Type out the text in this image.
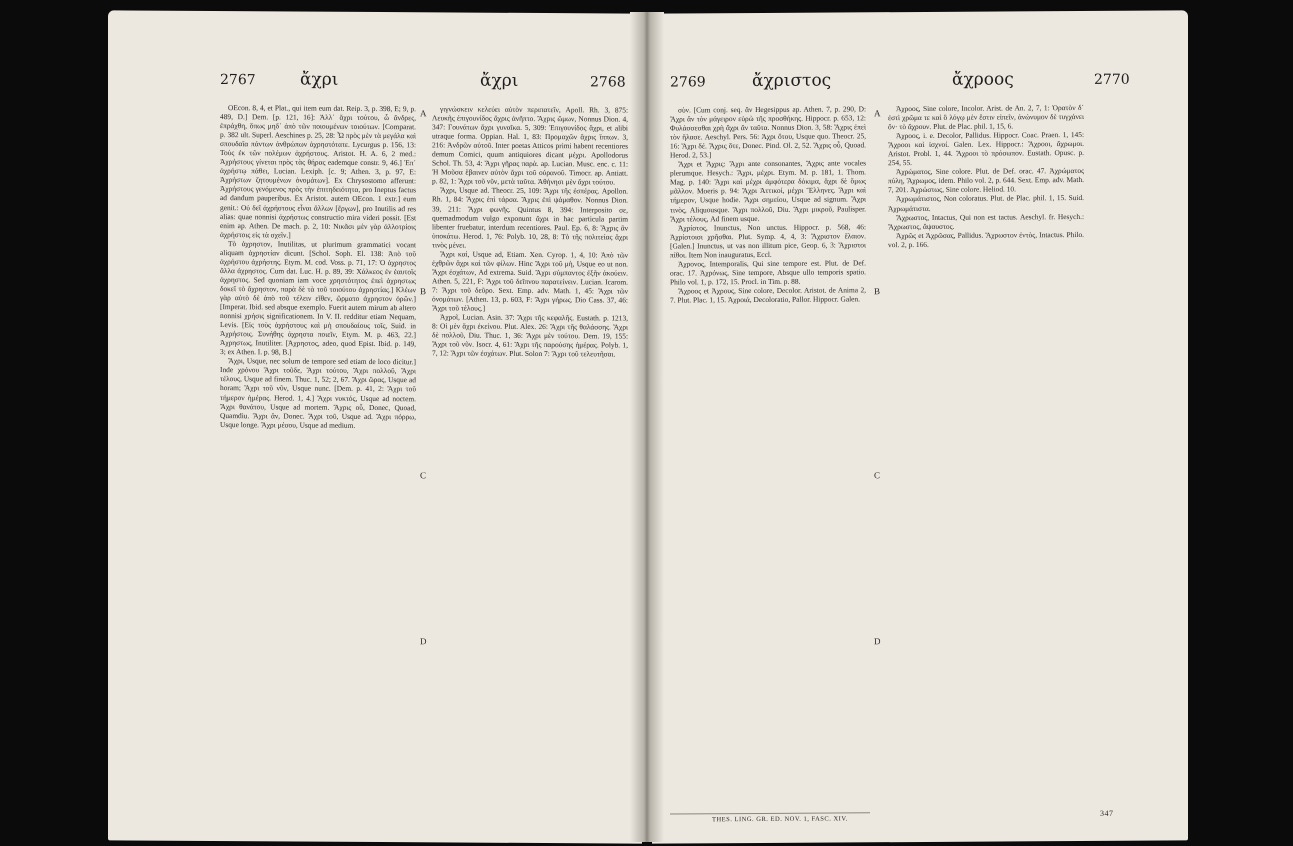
2767	ἄχρι	ἄχρι	2768
OEcon. 8, 4, et Plat., qui item eum dat. Reip. 3, p. 398, E; 9, p. 489, D.] Dem. [p. 121, 16]: Ἀλλ᾽ ἄχρι τούτου, ὦ ἄνδρες, ἐπράχθη, ὅπως μηδ᾽ ἀπὸ τῶν ποιουμένων τοιούτων. [Comparat. p. 382 ult. Superl. Aeschines p. 25, 28: Ὦ πρὸς μὲν τὰ μεγάλα καὶ σπουδαῖα πάντων ἀνθρώπων ἀχρηστότατε. Lycurgus p. 156, 13: Τοὺς ἐκ τῶν πολέμων ἀχρήστους. Aristot. H. A. 6, 2 med.: Ἀχρήστους γίνεται πρὸς τὰς θήρας eademque constr. 9, 46.] Ἐπ᾽ ἀχρήστῳ πάθει, Lucian. Lexiph. [c. 9; Athen. 3, p. 97, E: Ἀχρήστων ζητουμένων ὀνομάτων]. Ex Chrysostomo afferunt: Ἀχρήστους γενόμενος πρὸς τὴν ἐπιτηδειότητα, pro Ineptus factus ad dandum pauperibus. Ex Aristot. autem OEcon. 1 extr.] eum genit.: Οὐ δεῖ ἀχρήστους εἶναι ἄλλων [ἔργων], pro Inutilis ad res alias: quae nonnisi ἀχρήστως constructio mira videri possit. [Est enim ap. Athen. De mach. p. 2, 10: Νικᾶσι μὲν γὰρ ἀλλοτρίοις ἀχρήστοις εἰς τὰ σχεῖν.]
Τὸ ἀχρηστον, Inutilitas, ut plurimum grammatici vocant aliquam ἀχρηστίαν dicunt. [Schol. Soph. El. 138: Ἀπὸ τοῦ ἀχρήστου ἀχρήστης. Etym. M. cod. Voss. p. 71, 17: Ὁ ἀχρηστος ἄλλα ἀχρηστος. Cum dat. Luc. H. p. 89, 39: Χάλκεος ἐν ἑαυτοῖς ἀχρηστος. Sed quoniam iam voce χρηστότητος ἐπεὶ ἀχρηστως δοκεῖ τὸ ἄχρηστον, παρὰ δὲ τὰ τοῦ τοιούτου ἀχρηστίας.] Κλέων γὰρ αὐτὸ δὲ ἀπὸ τοῦ τέλειν εἴθεν, ὥρματο ἀχρηστον ὀρῶν.] [Imperat. Ibid. sed absque exemplo. Fuerit autem mirum ab altero nonnisi χρήσις significationem. In V. II. redditur etiam Nequam, Levis. [Εἰς τοὺς ἀχρήστους καὶ μὴ σπουδαίους τοῖς, Suid. in Ἀχρήστοις. Συνήθης ἀχρηστα ποιεῖν, Etym. M. p. 463, 22.] Ἀχρηστως, Inutiliter. [Ἀχρηστος, adeo, quod Epist. Ibid. p. 149, 3; ex Athen. I. p. 98, B.]
Ἄχρι, Usque, nec solum de tempore sed etiam de loco dicitur.] Inde χρόνου Ἄχρι τοῦδε, Ἄχρι τούτου, Ἄχρι πολλοῦ, Ἄχρι τέλους, Usque ad finem. Thuc. 1, 52; 2, 67. Ἄχρι ὥρας, Usque ad horam; Ἄχρι τοῦ νῦν, Usque nunc. [Dem. p. 41, 2: Ἄχρι τοῦ τήμερον ἡμέρας. Herod. 1, 4.] Ἄχρι νυκτός, Usque ad noctem. Ἄχρι θανάτου, Usque ad mortem. Ἄχρις οὗ, Donec, Quoad, Quamdiu. Ἄχρι ἄν, Donec. Ἄχρι τοῦ, Usque ad. Ἄχρι πόρρω, Usque longe. Ἄχρι μέσου, Usque ad medium.
A
B
C
D
γιγνώσκειν κελεύει αὐτὸν περιπατεῖν, Apoll. Rh. 3, 875: Λευκῆς ἐπιγουνίδος ἄχρις ἀνῆπτο. Ἄχρις ὥμων, Nonnus Dion. 4, 347: Γουνάτων ἄχρι γυναῖκα. 5, 309: Ἐπιγουνίδος ἄχρι, et alibi utraque forma. Oppian. Hal. 1, 83: Προμαχῶν ἄχρις ἵππων. 3, 216: Ἀνδρῶν αὐτοῦ. Inter poetas Atticos primi habent recentiores demum Comici, quum antiquiores dicant μέχρι. Apollodorus Schol. Th. 53, 4: Ἄχρι γῆρας παρὰ. ap. Lucian. Musc. enc. c. 11: Ἡ Μοῦσα ἔβαινεν αὐτὸν ἄχρι τοῦ οὐρανοῦ. Timocr. ap. Antiatt. p. 82, 1: Ἄχρι τοῦ νῦν, μετὰ ταῦτα. Ἀθήνησι μὲν ἄχρι τούτου.
Ἄχρι, Usque ad. Theocr. 25, 109: Ἄχρι τῆς ἐσπέρας. Apollon. Rh. 1, 84: Ἄχρις ἐπὶ τάρσα. Ἄχρις ἐπὶ ψάμαθον. Nonnus Dion. 39, 211: Ἄχρι φωνῆς. Quintus 8, 394: Interposito σε, quemadmodum vulgo exponunt ἄχρι in hac particula partim libenter fruebatur, interdum recentiores. Paul. Ep. 6, 8: Ἄχρις ἂν ὑποκάτω. Herod. 1, 76: Polyb. 10, 28, 8: Τὸ τῆς πολιτείας ἄχρι τινὸς μένει.
Ἄχρι καὶ, Usque ad, Etiam. Xen. Cyrop. 1, 4, 10: Ἀπὸ τῶν ἐχθρῶν ἄχρι καὶ τῶν φίλων. Hinc Ἄχρι τοῦ μὴ, Usque eo ut non. Ἄχρι ἐσχάτων, Ad extrema. Suid. Ἄχρι σύμπαντος ἐξῆν ἀκούειν. Athen. 5, 221, F: Ἄχρι τοῦ δεῖπνου παρατείνειν. Lucian. Icarom. 7: Ἄχρι τοῦ δεῦρο. Sext. Emp. adv. Math. 1, 45: Ἄχρι τῶν ὀνομάτων. [Athen. 13, p. 603, F: Ἄχρι γήρως. Dio Cass. 37, 46: Ἄχρι τοῦ τέλους.]
Ἀχροῖ, Lucian. Asin. 37: Ἄχρι τῆς κεφαλῆς. Eustath. p. 1213, 8: Οἱ μὲν ἄχρι ἐκείνου. Plut. Alex. 26: Ἄχρι τῆς θαλάσσης. Ἄχρι δὲ πολλοῦ, Diu. Thuc. 1, 36: Ἄχρι μὲν τούτου. Dem. 19, 155: Ἄχρι τοῦ νῦν. Isocr. 4, 61: Ἄχρι τῆς παρούσης ἡμέρας. Polyb. 1, 7, 12: Ἄχρι τῶν ἐσχάτων. Plut. Solon 7: Ἄχρι τοῦ τελευτῆσαι.
2769	ἄχριστος	ἄχροος	2770
σὺν. [Cum conj. seq. ἄν Hegesippus ap. Athen. 7, p. 290, D: Ἄχρι ἂν τὸν μάγειρον εὑρὼ τῆς προσθήκης. Hippocr. p. 653, 12: Φυλάσσεσθαι χρὴ ἄχρι ἂν ταῦτα. Nonnus Dion. 3, 58: Ἄχρις ἐπεὶ τὸν ἤλασε. Aeschyl. Pers. 56: Ἀχρι ὅτου, Usque quo. Theocr. 25, 16: Ἄχρι δέ. Ἄχρις ὅτε, Donec. Pind. Ol. 2, 52. Ἄχρις οὗ, Quoad. Herod. 2, 53.]
Ἄχρι et Ἄχρις: Ἄχρι ante consonantes, Ἄχρις ante vocales plerumque. Hesych.: Ἄχρι, μέχρι. Etym. M. p. 181, 1. Thom. Mag. p. 140: Ἄχρι καὶ μέχρι ἀμφότερα δόκιμα, ἄχρι δὲ ὅμως μᾶλλον. Moeris p. 94: Ἄχρι Ἀττικοί, μέχρι Ἕλληνες. Ἄχρι καὶ τήμερον, Usque hodie. Ἄχρι σημείου, Usque ad signum. Ἄχρι τινὸς, Aliquousque. Ἄχρι πολλοῦ, Diu. Ἄχρι μικροῦ, Paulisper. Ἄχρι τέλους, Ad finem usque.
Ἀχρίστος, Inunctus, Non unctus. Hippocr. p. 568, 46: Ἀχρίστοισι χρῆσθαι. Plut. Symp. 4, 4, 3: Ἄχριστον ἔλαιον. [Galen.] Inunctus, ut vas non illitum pice, Geop. 6, 3: Ἄχριστοι πίθοι. Item Non inauguratus, Eccl.
Ἀχρονος, Intemporalis, Qui sine tempore est. Plut. de Def. orac. 17. Ἀχρόνως, Sine tempore, Absque ullo temporis spatio. Philo vol. 1, p. 172, 15. Procl. in Tim. p. 88.
Ἄχροος et Ἀχρους, Sine colore, Decolor. Aristot. de Anima 2, 7. Plut. Plac. 1, 15. Ἀχροιά, Decoloratio, Pallor. Hippocr. Galen.
A
B
C
D
Ἀχροος, Sine colore, Incolor. Arist. de An. 2, 7, 1: Ὁρατὸν δ᾽ ἐστὶ χρῶμα τε καὶ ὃ λόγῳ μὲν ἔστιν εἰπεῖν, ἀνώνυμον δὲ τυγχάνει ὄν· τὸ ἄχρουν. Plut. de Plac. phil. 1, 15, 6.
Ἀχροος, i. e. Decolor, Pallidus. Hippocr. Coac. Praen. 1, 145: Ἄχροοι καὶ ἰσχνοί. Galen. Lex. Hippocr.: Ἄχροοι, ἄχρωμοι. Aristot. Probl. 1, 44. Ἄχροοι τὸ πρόσωπον. Eustath. Opusc. p. 254, 55.
Ἀχρώματος, Sine colore. Plut. de Def. orac. 47. Ἀχρώματος πύλη, Ἄχρωμος, idem. Philo vol. 2, p. 644. Sext. Emp. adv. Math. 7, 201. Ἀχρώστως, Sine colore. Heliod. 10.
Ἀχρωμάτιστος, Non coloratus. Plut. de Plac. phil. 1, 15. Suid. Ἀχρωμάτιστα.
Ἄχρωστος, Intactus, Qui non est tactus. Aeschyl. fr. Hesych.: Ἄχρωστος, ἄψαυστος.
Ἀχρῶς et Ἀχρῶσας, Pallidus. Ἄχρωστον ἐντὸς, Intactus. Philo. vol. 2, p. 166.
THES. LING. GR. ED. NOV. 1, FASC. XIV.
347
